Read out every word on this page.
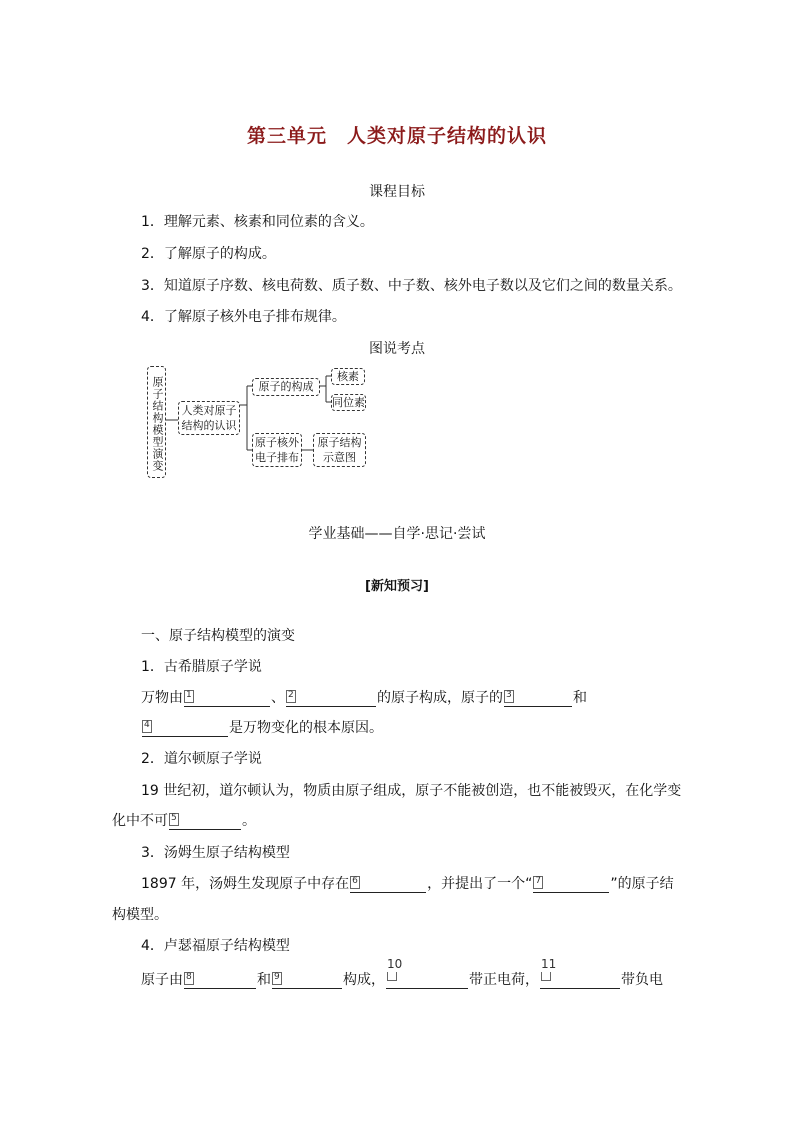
第三单元　人类对原子结构的认识
课程目标
1．理解元素、核素和同位素的含义。
2．了解原子的构成。
3．知道原子序数、核电荷数、质子数、中子数、核外电子数以及它们之间的数量关系。
4．了解原子核外电子排布规律。
图说考点
原子结构模型演变	人类对原子结构的认识
原子的构成
核素
同位素
原子核外电子排布
原子结构示意图
学业基础——自学·思记·尝试
[新知预习]
一、原子结构模型的演变
1．古希腊原子学说
万物由 1	、 2	的原子构成，原子的 3	和
4	是万物变化的根本原因。
2．道尔顿原子学说
19 世纪初，道尔顿认为，物质由原子组成，原子不能被创造，也不能被毁灭，在化学变
化中不可 5	。
3．汤姆生原子结构模型
1897 年，汤姆生发现原子中存在 6	，并提出了一个“ 7	”的原子结
构模型。
4．卢瑟福原子结构模型
原子由 8	和 9	构成，
10
带正电荷，
11
带负电
